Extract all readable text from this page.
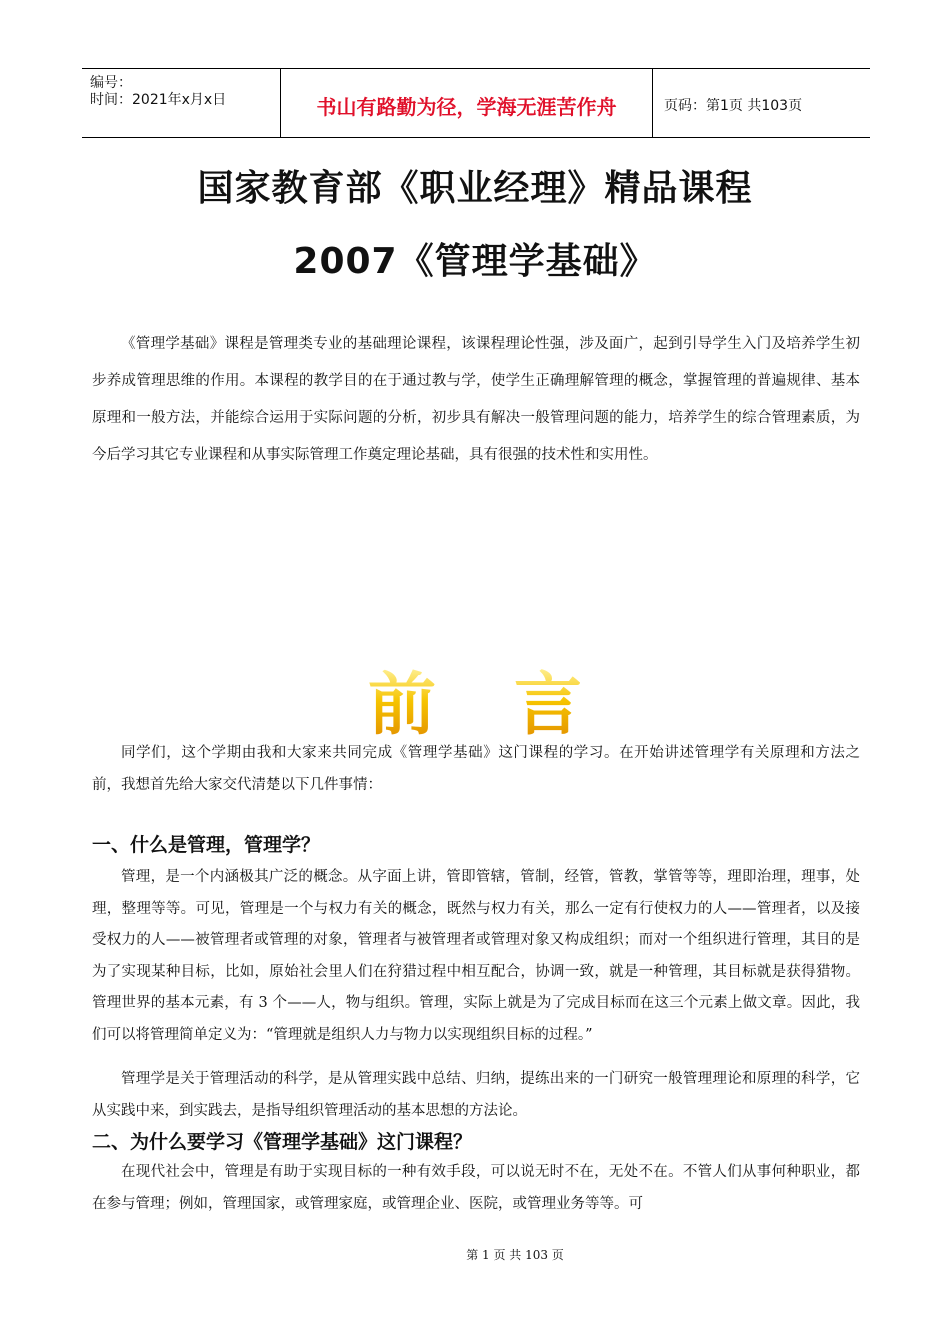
编号：
时间：2021年x月x日	书山有路勤为径，学海无涯苦作舟	页码：第1页 共103页
国家教育部《职业经理》精品课程
2007《管理学基础》
《管理学基础》课程是管理类专业的基础理论课程，该课程理论性强，涉及面广，起到引导学生入门及培养学生初步养成管理思维的作用。本课程的教学目的在于通过教与学，使学生正确理解管理的概念，掌握管理的普遍规律、基本原理和一般方法，并能综合运用于实际问题的分析，初步具有解决一般管理问题的能力，培养学生的综合管理素质，为今后学习其它专业课程和从事实际管理工作奠定理论基础，具有很强的技术性和实用性。
前言
同学们，这个学期由我和大家来共同完成《管理学基础》这门课程的学习。在开始讲述管理学有关原理和方法之前，我想首先给大家交代清楚以下几件事情：
一、什么是管理，管理学？
管理，是一个内涵极其广泛的概念。从字面上讲，管即管辖，管制，经管，管教，掌管等等，理即治理，理事，处理，整理等等。可见，管理是一个与权力有关的概念，既然与权力有关，那么一定有行使权力的人——管理者，以及接受权力的人——被管理者或管理的对象，管理者与被管理者或管理对象又构成组织；而对一个组织进行管理，其目的是为了实现某种目标，比如，原始社会里人们在狩猎过程中相互配合，协调一致，就是一种管理，其目标就是获得猎物。管理世界的基本元素，有 3 个——人，物与组织。管理，实际上就是为了完成目标而在这三个元素上做文章。因此，我们可以将管理简单定义为：“管理就是组织人力与物力以实现组织目标的过程。”
管理学是关于管理活动的科学，是从管理实践中总结、归纳，提练出来的一门研究一般管理理论和原理的科学，它从实践中来，到实践去，是指导组织管理活动的基本思想的方法论。
二、为什么要学习《管理学基础》这门课程？
在现代社会中，管理是有助于实现目标的一种有效手段，可以说无时不在，无处不在。不管人们从事何种职业，都在参与管理；例如，管理国家，或管理家庭，或管理企业、医院，或管理业务等等。可
第 1 页 共 103 页
